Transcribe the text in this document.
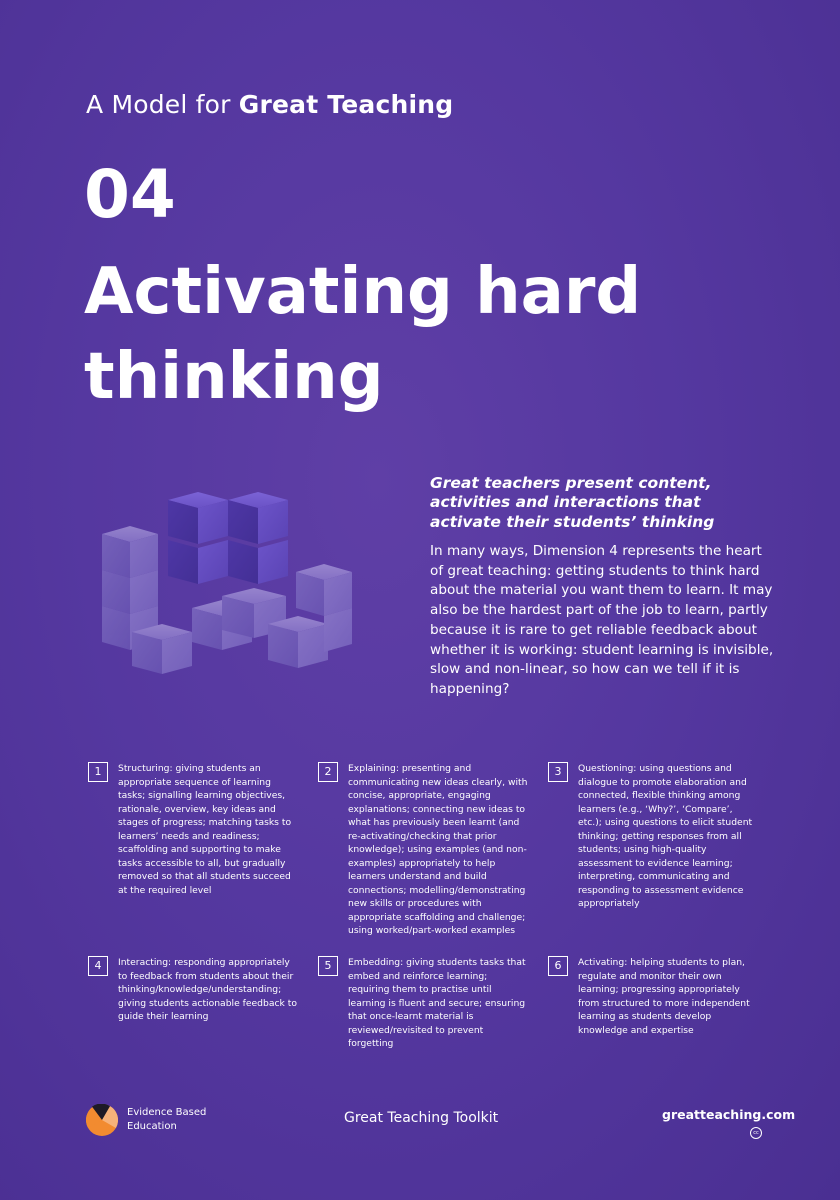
A Model for Great Teaching
04
Activating hard thinking
Great teachers present content, activities and interactions that activate their students’ thinking
In many ways, Dimension 4 represents the heart of great teaching: getting students to think hard about the material you want them to learn. It may also be the hardest part of the job to learn, partly because it is rare to get reliable feedback about whether it is working: student learning is invisible, slow and non-linear, so how can we tell if it is happening?
1	Structuring: giving students an appropriate sequence of learning tasks; signalling learning objectives, rationale, overview, key ideas and stages of progress; matching tasks to learners’ needs and readiness; scaffolding and supporting to make tasks accessible to all, but gradually removed so that all students succeed at the required level
2	Explaining: presenting and communicating new ideas clearly, with concise, appropriate, engaging explanations; connecting new ideas to what has previously been learnt (and re-activating/checking that prior knowledge); using examples (and non-examples) appropriately to help learners understand and build connections; modelling/demonstrating new skills or procedures with appropriate scaffolding and challenge; using worked/part-worked examples
3	Questioning: using questions and dialogue to promote elaboration and connected, flexible thinking among learners (e.g., ‘Why?’, ‘Compare’, etc.); using questions to elicit student thinking; getting responses from all students; using high-quality assessment to evidence learning; interpreting, communicating and responding to assessment evidence appropriately
4	Interacting: responding appropriately to feedback from students about their thinking/knowledge/understanding; giving students actionable feedback to guide their learning
5	Embedding: giving students tasks that embed and reinforce learning; requiring them to practise until learning is fluent and secure; ensuring that once-learnt material is reviewed/revisited to prevent forgetting
6	Activating: helping students to plan, regulate and monitor their own learning; progressing appropriately from structured to more independent learning as students develop knowledge and expertise
Evidence Based Education	Great Teaching Toolkit	greatteaching.com
cc
